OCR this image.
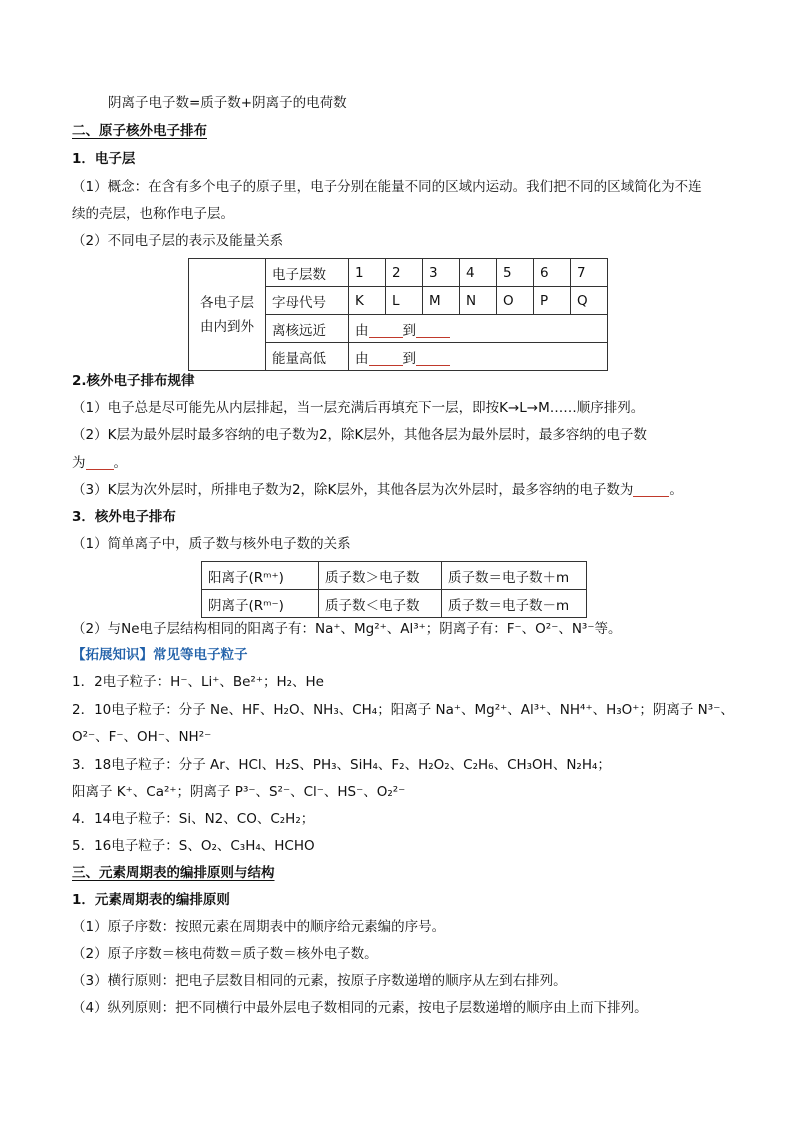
阴离子电子数=质子数+阴离子的电荷数
二、原子核外电子排布
1．电子层
（1）概念：在含有多个电子的原子里，电子分别在能量不同的区域内运动。我们把不同的区域简化为不连
续的壳层，也称作电子层。
（2）不同电子层的表示及能量关系
各电子层
由内到外	电子层数	1	2	3	4	5	6	7
	字母代号	K	L	M	N	O	P	Q
	离核远近	由 到						
	能量高低	由 到						
2.核外电子排布规律
（1）电子总是尽可能先从内层排起，当一层充满后再填充下一层，即按K→L→M……顺序排列。
（2）K层为最外层时最多容纳的电子数为2，除K层外，其他各层为最外层时，最多容纳的电子数
为 。
（3）K层为次外层时，所排电子数为2，除K层外，其他各层为次外层时，最多容纳的电子数为	。
3．核外电子排布
（1）简单离子中，质子数与核外电子数的关系
阳离子(Rᵐ⁺)	质子数＞电子数	质子数＝电子数＋m
阴离子(Rᵐ⁻)	质子数＜电子数	质子数＝电子数－m
（2）与Ne电子层结构相同的阳离子有：Na⁺、Mg²⁺、Al³⁺；阴离子有：F⁻、O²⁻、N³⁻等。
【拓展知识】常见等电子粒子
1．2电子粒子：H⁻、Li⁺、Be²⁺；H₂、He
2．10电子粒子：分子 Ne、HF、H₂O、NH₃、CH₄；阳离子 Na⁺、Mg²⁺、Al³⁺、NH⁴⁺、H₃O⁺；阴离子 N³⁻、
O²⁻、F⁻、OH⁻、NH²⁻
3．18电子粒子：分子 Ar、HCl、H₂S、PH₃、SiH₄、F₂、H₂O₂、C₂H₆、CH₃OH、N₂H₄；
阳离子 K⁺、Ca²⁺；阴离子 P³⁻、S²⁻、Cl⁻、HS⁻、O₂²⁻
4．14电子粒子：Si、N2、CO、C₂H₂；
5．16电子粒子：S、O₂、C₃H₄、HCHO
三、元素周期表的编排原则与结构
1．元素周期表的编排原则
（1）原子序数：按照元素在周期表中的顺序给元素编的序号。
（2）原子序数＝核电荷数＝质子数＝核外电子数。
（3）横行原则：把电子层数目相同的元素，按原子序数递增的顺序从左到右排列。
（4）纵列原则：把不同横行中最外层电子数相同的元素，按电子层数递增的顺序由上而下排列。
